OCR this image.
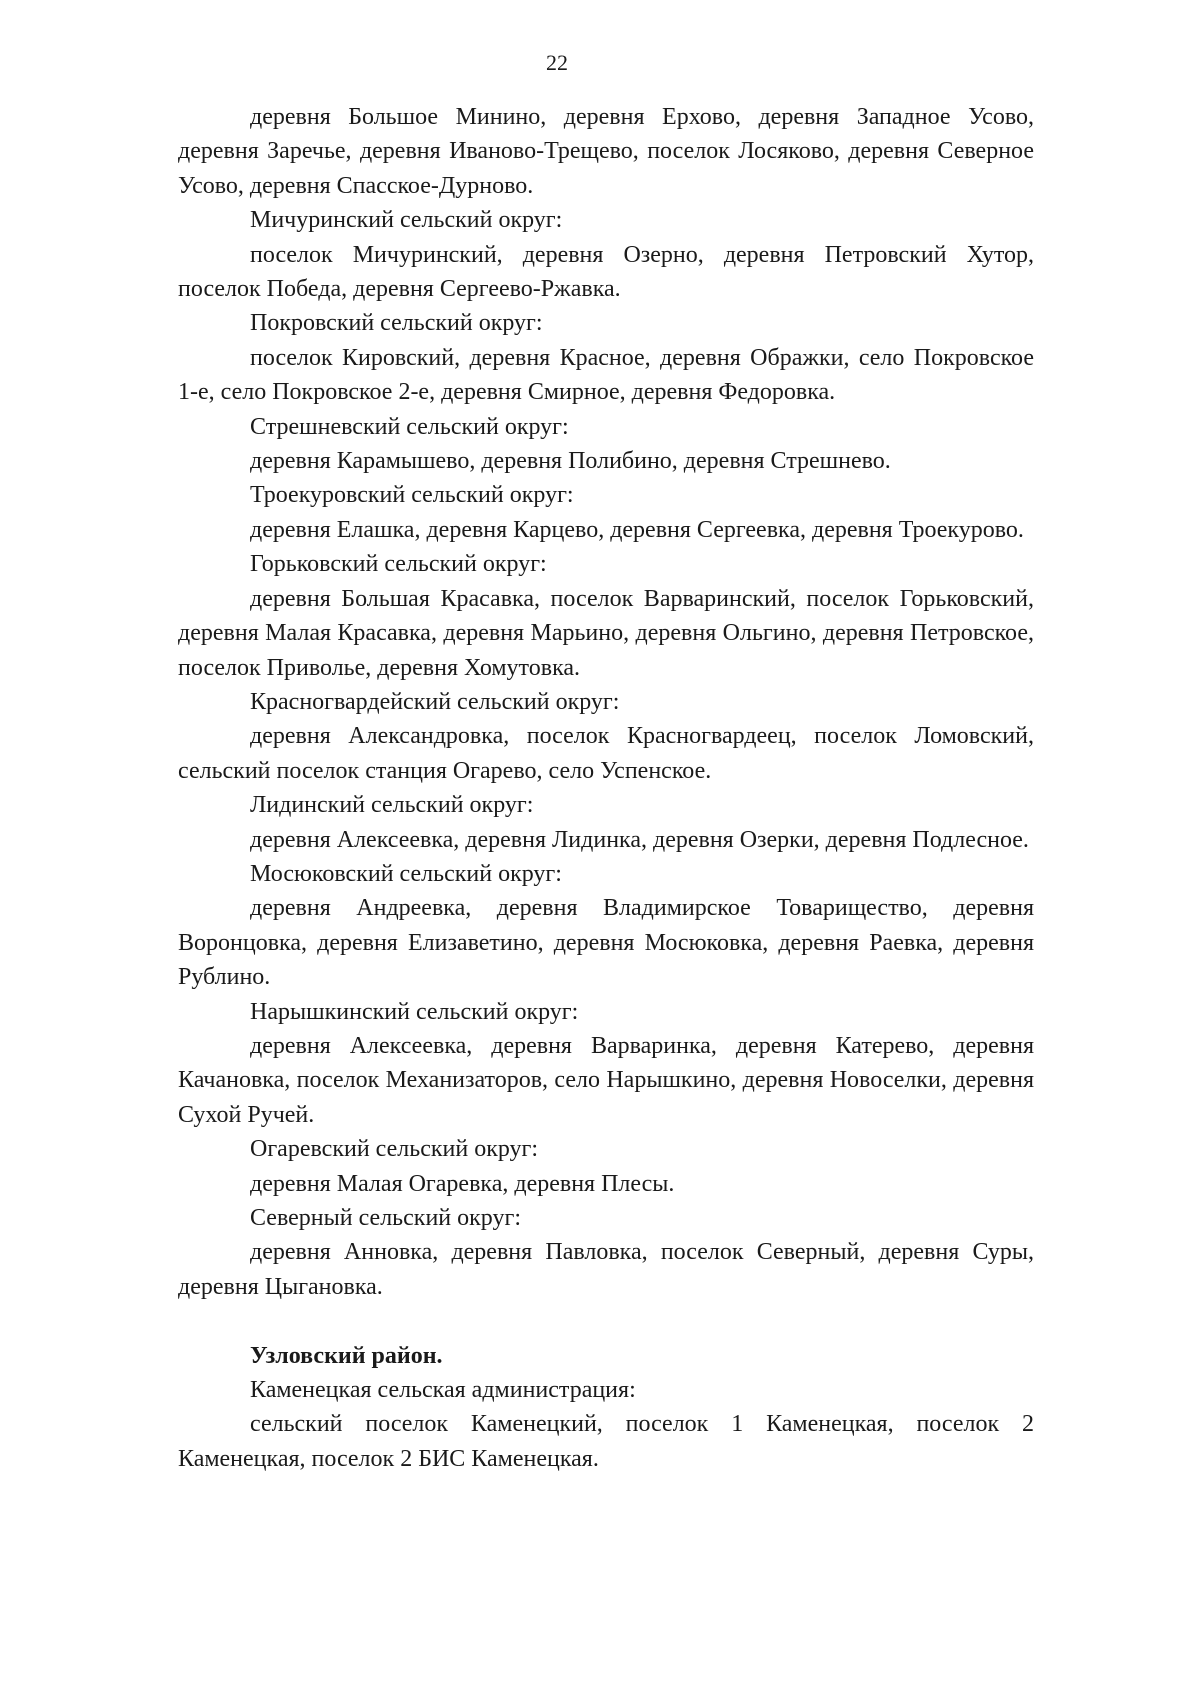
22

деревня Большое Минино, деревня Ерхово, деревня Западное Усово, деревня Заречье, деревня Иваново-Трещево, поселок Лосяково, деревня Северное Усово, деревня Спасское-Дурново.

Мичуринский сельский округ:

поселок Мичуринский, деревня Озерно, деревня Петровский Хутор, поселок Победа, деревня Сергеево-Ржавка.

Покровский сельский округ:

поселок Кировский, деревня Красное, деревня Ображки, село Покровское 1-е, село Покровское 2-е, деревня Смирное, деревня Федоровка.

Стрешневский сельский округ:

деревня Карамышево, деревня Полибино, деревня Стрешнево.

Троекуровский сельский округ:

деревня Елашка, деревня Карцево, деревня Сергеевка, деревня Троекурово.

Горьковский сельский округ:

деревня Большая Красавка, поселок Варваринский, поселок Горьковский, деревня Малая Красавка, деревня Марьино, деревня Ольгино, деревня Петровское, поселок Приволье, деревня Хомутовка.

Красногвардейский сельский округ:

деревня Александровка, поселок Красногвардеец, поселок Ломовский, сельский поселок станция Огарево, село Успенское.

Лидинский сельский округ:

деревня Алексеевка, деревня Лидинка, деревня Озерки, деревня Подлесное.

Мосюковский сельский округ:

деревня Андреевка, деревня Владимирское Товарищество, деревня Воронцовка, деревня Елизаветино, деревня Мосюковка, деревня Раевка, деревня Рублино.

Нарышкинский сельский округ:

деревня Алексеевка, деревня Варваринка, деревня Катерево, деревня Качановка, поселок Механизаторов, село Нарышкино, деревня Новоселки, деревня Сухой Ручей.

Огаревский сельский округ:

деревня Малая Огаревка, деревня Плесы.

Северный сельский округ:

деревня Анновка, деревня Павловка, поселок Северный, деревня Суры, деревня Цыгановка.

Узловский район.

Каменецкая сельская администрация:

сельский поселок Каменецкий, поселок 1 Каменецкая, поселок 2 Каменецкая, поселок 2 БИС Каменецкая.
